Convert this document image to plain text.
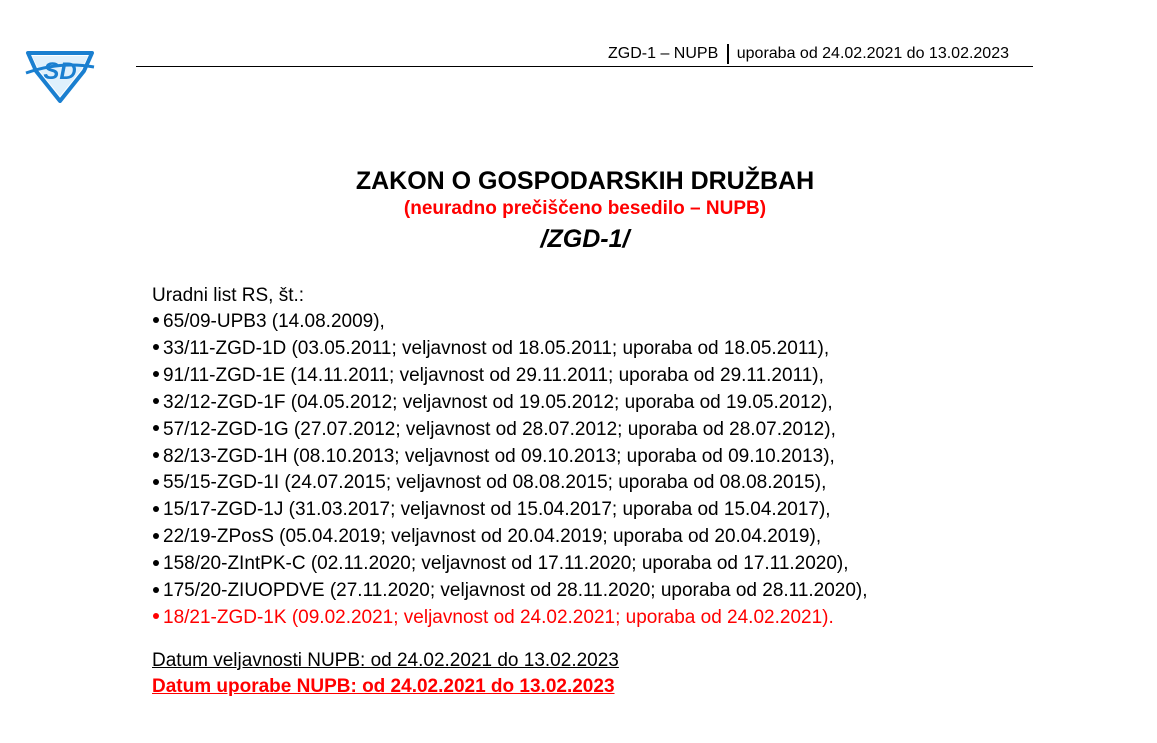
SD
ZGD-1 – NUPB uporaba od 24.02.2021 do 13.02.2023
ZAKON O GOSPODARSKIH DRUŽBAH
(neuradno prečiščeno besedilo – NUPB)
/ZGD-1/
Uradni list RS, št.:
65/09-UPB3 (14.08.2009),
33/11-ZGD-1D (03.05.2011; veljavnost od 18.05.2011; uporaba od 18.05.2011),
91/11-ZGD-1E (14.11.2011; veljavnost od 29.11.2011; uporaba od 29.11.2011),
32/12-ZGD-1F (04.05.2012; veljavnost od 19.05.2012; uporaba od 19.05.2012),
57/12-ZGD-1G (27.07.2012; veljavnost od 28.07.2012; uporaba od 28.07.2012),
82/13-ZGD-1H (08.10.2013; veljavnost od 09.10.2013; uporaba od 09.10.2013),
55/15-ZGD-1I (24.07.2015; veljavnost od 08.08.2015; uporaba od 08.08.2015),
15/17-ZGD-1J (31.03.2017; veljavnost od 15.04.2017; uporaba od 15.04.2017),
22/19-ZPosS (05.04.2019; veljavnost od 20.04.2019; uporaba od 20.04.2019),
158/20-ZIntPK-C (02.11.2020; veljavnost od 17.11.2020; uporaba od 17.11.2020),
175/20-ZIUOPDVE (27.11.2020; veljavnost od 28.11.2020; uporaba od 28.11.2020),
18/21-ZGD-1K (09.02.2021; veljavnost od 24.02.2021; uporaba od 24.02.2021).
Datum veljavnosti NUPB: od 24.02.2021 do 13.02.2023
Datum uporabe NUPB: od 24.02.2021 do 13.02.2023
